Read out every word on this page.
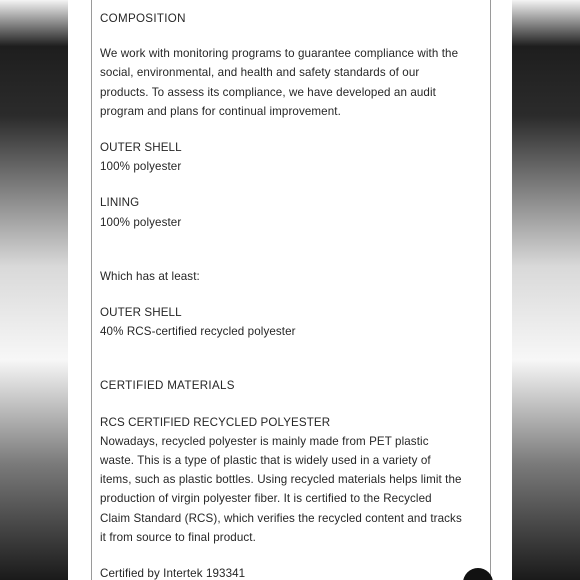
COMPOSITION

We work with monitoring programs to guarantee compliance with the
social, environmental, and health and safety standards of our
products. To assess its compliance, we have developed an audit
program and plans for continual improvement.

OUTER SHELL

100% polyester

LINING

100% polyester

Which has at least:

OUTER SHELL

40% RCS-certified recycled polyester

CERTIFIED MATERIALS

RCS CERTIFIED RECYCLED POLYESTER

Nowadays, recycled polyester is mainly made from PET plastic
waste. This is a type of plastic that is widely used in a variety of
items, such as plastic bottles. Using recycled materials helps limit the
production of virgin polyester fiber. It is certified to the Recycled
Claim Standard (RCS), which verifies the recycled content and tracks
it from source to final product.

Certified by Intertek 193341
